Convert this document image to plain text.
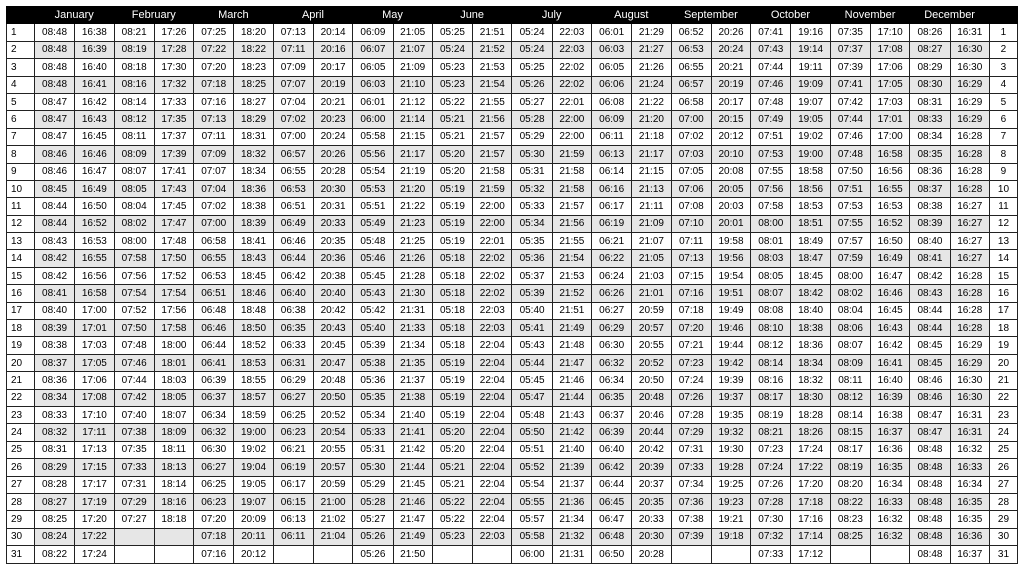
	January		February		March		April		May		June		July		August		September		October		November		December		
1	08:48	16:38	08:21	17:26	07:25	18:20	07:13	20:14	06:09	21:05	05:25	21:51	05:24	22:03	06:01	21:29	06:52	20:26	07:41	19:16	07:35	17:10	08:26	16:31	1
2	08:48	16:39	08:19	17:28	07:22	18:22	07:11	20:16	06:07	21:07	05:24	21:52	05:24	22:03	06:03	21:27	06:53	20:24	07:43	19:14	07:37	17:08	08:27	16:30	2
3	08:48	16:40	08:18	17:30	07:20	18:23	07:09	20:17	06:05	21:09	05:23	21:53	05:25	22:02	06:05	21:26	06:55	20:21	07:44	19:11	07:39	17:06	08:29	16:30	3
4	08:48	16:41	08:16	17:32	07:18	18:25	07:07	20:19	06:03	21:10	05:23	21:54	05:26	22:02	06:06	21:24	06:57	20:19	07:46	19:09	07:41	17:05	08:30	16:29	4
5	08:47	16:42	08:14	17:33	07:16	18:27	07:04	20:21	06:01	21:12	05:22	21:55	05:27	22:01	06:08	21:22	06:58	20:17	07:48	19:07	07:42	17:03	08:31	16:29	5
6	08:47	16:43	08:12	17:35	07:13	18:29	07:02	20:23	06:00	21:14	05:21	21:56	05:28	22:00	06:09	21:20	07:00	20:15	07:49	19:05	07:44	17:01	08:33	16:29	6
7	08:47	16:45	08:11	17:37	07:11	18:31	07:00	20:24	05:58	21:15	05:21	21:57	05:29	22:00	06:11	21:18	07:02	20:12	07:51	19:02	07:46	17:00	08:34	16:28	7
8	08:46	16:46	08:09	17:39	07:09	18:32	06:57	20:26	05:56	21:17	05:20	21:57	05:30	21:59	06:13	21:17	07:03	20:10	07:53	19:00	07:48	16:58	08:35	16:28	8
9	08:46	16:47	08:07	17:41	07:07	18:34	06:55	20:28	05:54	21:19	05:20	21:58	05:31	21:58	06:14	21:15	07:05	20:08	07:55	18:58	07:50	16:56	08:36	16:28	9
10	08:45	16:49	08:05	17:43	07:04	18:36	06:53	20:30	05:53	21:20	05:19	21:59	05:32	21:58	06:16	21:13	07:06	20:05	07:56	18:56	07:51	16:55	08:37	16:28	10
11	08:44	16:50	08:04	17:45	07:02	18:38	06:51	20:31	05:51	21:22	05:19	22:00	05:33	21:57	06:17	21:11	07:08	20:03	07:58	18:53	07:53	16:53	08:38	16:27	11
12	08:44	16:52	08:02	17:47	07:00	18:39	06:49	20:33	05:49	21:23	05:19	22:00	05:34	21:56	06:19	21:09	07:10	20:01	08:00	18:51	07:55	16:52	08:39	16:27	12
13	08:43	16:53	08:00	17:48	06:58	18:41	06:46	20:35	05:48	21:25	05:19	22:01	05:35	21:55	06:21	21:07	07:11	19:58	08:01	18:49	07:57	16:50	08:40	16:27	13
14	08:42	16:55	07:58	17:50	06:55	18:43	06:44	20:36	05:46	21:26	05:18	22:02	05:36	21:54	06:22	21:05	07:13	19:56	08:03	18:47	07:59	16:49	08:41	16:27	14
15	08:42	16:56	07:56	17:52	06:53	18:45	06:42	20:38	05:45	21:28	05:18	22:02	05:37	21:53	06:24	21:03	07:15	19:54	08:05	18:45	08:00	16:47	08:42	16:28	15
16	08:41	16:58	07:54	17:54	06:51	18:46	06:40	20:40	05:43	21:30	05:18	22:02	05:39	21:52	06:26	21:01	07:16	19:51	08:07	18:42	08:02	16:46	08:43	16:28	16
17	08:40	17:00	07:52	17:56	06:48	18:48	06:38	20:42	05:42	21:31	05:18	22:03	05:40	21:51	06:27	20:59	07:18	19:49	08:08	18:40	08:04	16:45	08:44	16:28	17
18	08:39	17:01	07:50	17:58	06:46	18:50	06:35	20:43	05:40	21:33	05:18	22:03	05:41	21:49	06:29	20:57	07:20	19:46	08:10	18:38	08:06	16:43	08:44	16:28	18
19	08:38	17:03	07:48	18:00	06:44	18:52	06:33	20:45	05:39	21:34	05:18	22:04	05:43	21:48	06:30	20:55	07:21	19:44	08:12	18:36	08:07	16:42	08:45	16:29	19
20	08:37	17:05	07:46	18:01	06:41	18:53	06:31	20:47	05:38	21:35	05:19	22:04	05:44	21:47	06:32	20:52	07:23	19:42	08:14	18:34	08:09	16:41	08:45	16:29	20
21	08:36	17:06	07:44	18:03	06:39	18:55	06:29	20:48	05:36	21:37	05:19	22:04	05:45	21:46	06:34	20:50	07:24	19:39	08:16	18:32	08:11	16:40	08:46	16:30	21
22	08:34	17:08	07:42	18:05	06:37	18:57	06:27	20:50	05:35	21:38	05:19	22:04	05:47	21:44	06:35	20:48	07:26	19:37	08:17	18:30	08:12	16:39	08:46	16:30	22
23	08:33	17:10	07:40	18:07	06:34	18:59	06:25	20:52	05:34	21:40	05:19	22:04	05:48	21:43	06:37	20:46	07:28	19:35	08:19	18:28	08:14	16:38	08:47	16:31	23
24	08:32	17:11	07:38	18:09	06:32	19:00	06:23	20:54	05:33	21:41	05:20	22:04	05:50	21:42	06:39	20:44	07:29	19:32	08:21	18:26	08:15	16:37	08:47	16:31	24
25	08:31	17:13	07:35	18:11	06:30	19:02	06:21	20:55	05:31	21:42	05:20	22:04	05:51	21:40	06:40	20:42	07:31	19:30	07:23	17:24	08:17	16:36	08:48	16:32	25
26	08:29	17:15	07:33	18:13	06:27	19:04	06:19	20:57	05:30	21:44	05:21	22:04	05:52	21:39	06:42	20:39	07:33	19:28	07:24	17:22	08:19	16:35	08:48	16:33	26
27	08:28	17:17	07:31	18:14	06:25	19:05	06:17	20:59	05:29	21:45	05:21	22:04	05:54	21:37	06:44	20:37	07:34	19:25	07:26	17:20	08:20	16:34	08:48	16:34	27
28	08:27	17:19	07:29	18:16	06:23	19:07	06:15	21:00	05:28	21:46	05:22	22:04	05:55	21:36	06:45	20:35	07:36	19:23	07:28	17:18	08:22	16:33	08:48	16:35	28
29	08:25	17:20	07:27	18:18	07:20	20:09	06:13	21:02	05:27	21:47	05:22	22:04	05:57	21:34	06:47	20:33	07:38	19:21	07:30	17:16	08:23	16:32	08:48	16:35	29
30	08:24	17:22			07:18	20:11	06:11	21:04	05:26	21:49	05:23	22:03	05:58	21:32	06:48	20:30	07:39	19:18	07:32	17:14	08:25	16:32	08:48	16:36	30
31	08:22	17:24			07:16	20:12			05:26	21:50			06:00	21:31	06:50	20:28			07:33	17:12			08:48	16:37	31
